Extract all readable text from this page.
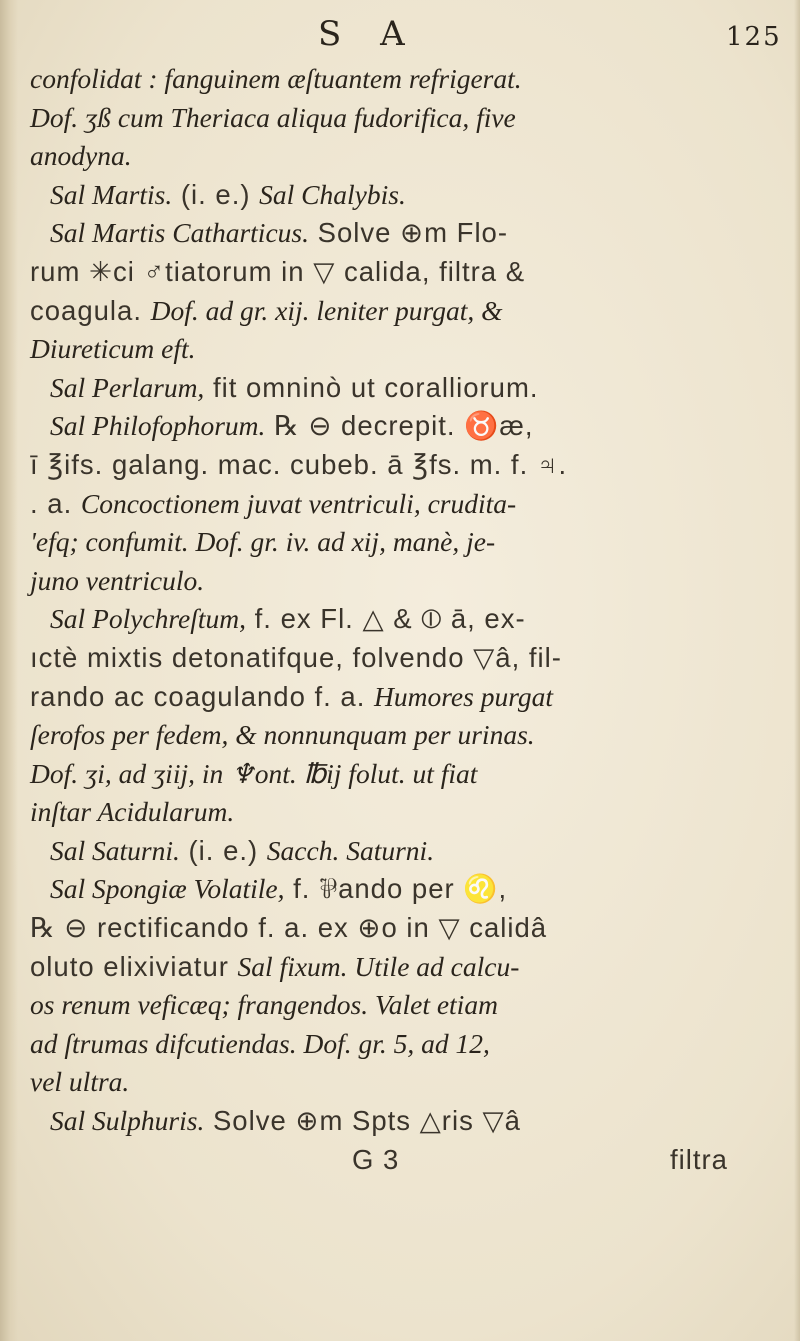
S A	125
confolidat : fanguinem æſtuantem refrigerat.
Dof. ʒß cum Theriaca aliqua fudorifica, five
anodyna.
Sal Martis. (i. e.) Sal Chalybis.
Sal Martis Catharticus. Solve ⊕m Flo-
rum ✳ci ♂tiatorum in ▽ calida, filtra &
coagula. Dof. ad gr. xij. leniter purgat, &
Diureticum eft.
Sal Perlarum, fit omninò ut coralliorum.
Sal Philofophorum. ℞ ⊖ decrepit. ♉æ,
ī ℥ifs. galang. mac. cubeb. ā ℥fs. m. f. ♃.
. a. Concoctionem juvat ventriculi, crudita-
'efq; confumit. Dof. gr. iv. ad xij, manè, je-
juno ventriculo.
Sal Polychreſtum, f. ex Fl. △ & ⦶ ā, ex-
ıctè mixtis detonatifque, folvendo ▽â, fil-
rando ac coagulando f. a. Humores purgat
ſerofos per fedem, & nonnunquam per urinas.
Dof. ʒi, ad ʒiij, in ♆ont. ℔ij folut. ut fiat
inſtar Acidularum.
Sal Saturni. (i. e.) Sacch. Saturni.
Sal Spongiæ Volatile, f. ⅌ando per ♌,
℞ ⊖ rectificando f. a. ex ⊕o in ▽ calidâ
oluto elixiviatur Sal fixum. Utile ad calcu-
os renum veficæq; frangendos. Valet etiam
ad ſtrumas difcutiendas. Dof. gr. 5, ad 12,
vel ultra.
Sal Sulphuris. Solve ⊕m Spts △ris ▽â
G 3	filtra
